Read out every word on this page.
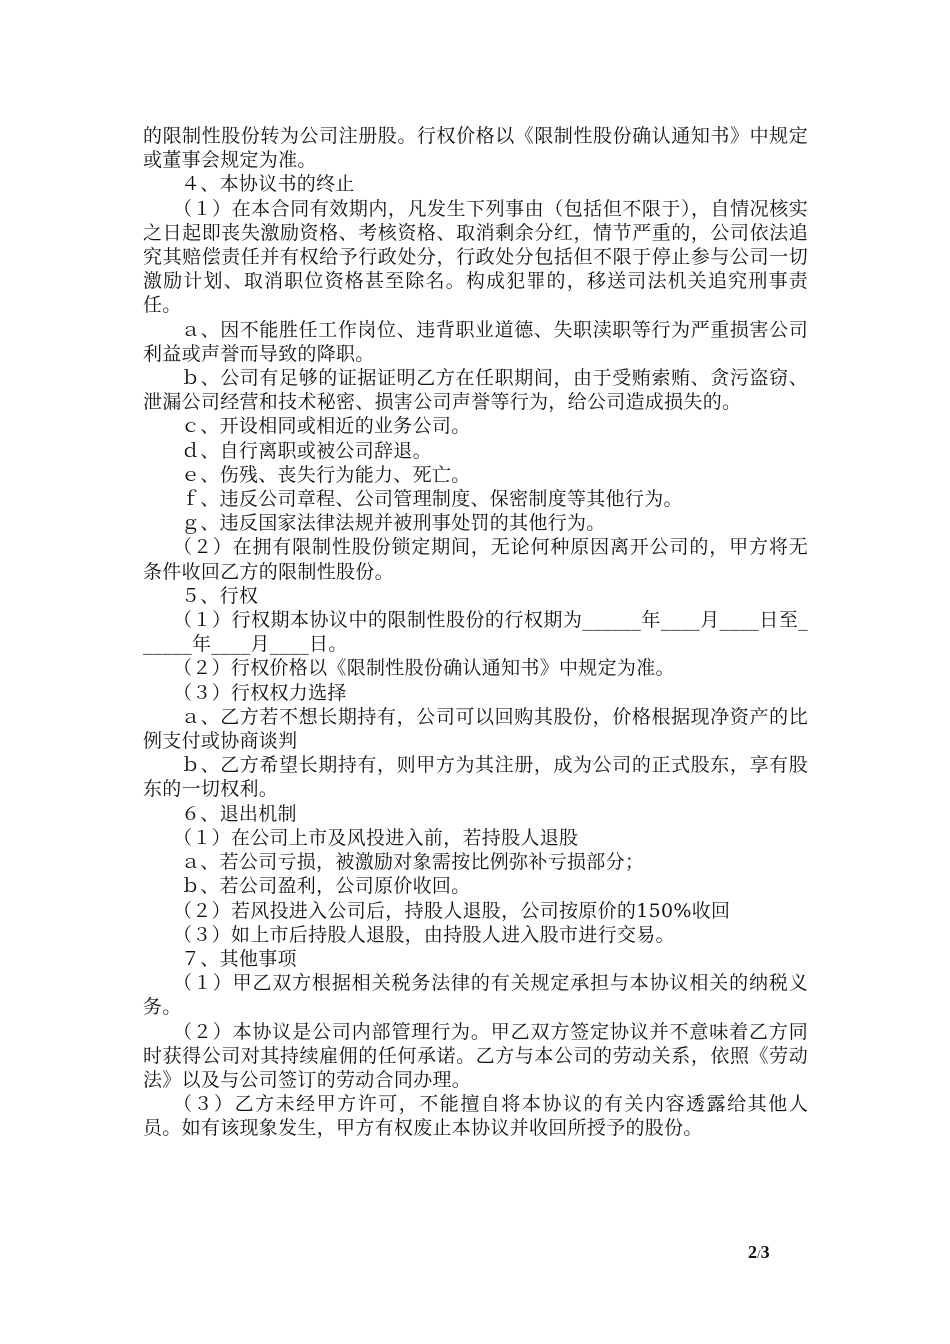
的限制性股份转为公司注册股。行权价格以《限制性股份确认通知书》中规定或董事会规定为准。

４、本协议书的终止

（１）在本合同有效期内，凡发生下列事由（包括但不限于），自情况核实之日起即丧失激励资格、考核资格、取消剩余分红，情节严重的，公司依法追究其赔偿责任并有权给予行政处分，行政处分包括但不限于停止参与公司一切激励计划、取消职位资格甚至除名。构成犯罪的，移送司法机关追究刑事责任。

ａ、因不能胜任工作岗位、违背职业道德、失职渎职等行为严重损害公司利益或声誉而导致的降职。

ｂ、公司有足够的证据证明乙方在任职期间，由于受贿索贿、贪污盗窃、泄漏公司经营和技术秘密、损害公司声誉等行为，给公司造成损失的。

ｃ、开设相同或相近的业务公司。

ｄ、自行离职或被公司辞退。

ｅ、伤残、丧失行为能力、死亡。

ｆ、违反公司章程、公司管理制度、保密制度等其他行为。

ｇ、违反国家法律法规并被刑事处罚的其他行为。

（２）在拥有限制性股份锁定期间，无论何种原因离开公司的，甲方将无条件收回乙方的限制性股份。

５、行权

（１）行权期本协议中的限制性股份的行权期为______年____月____日至______年____月____日。

（２）行权价格以《限制性股份确认通知书》中规定为准。

（３）行权权力选择

ａ、乙方若不想长期持有，公司可以回购其股份，价格根据现净资产的比例支付或协商谈判

ｂ、乙方希望长期持有，则甲方为其注册，成为公司的正式股东，享有股东的一切权利。

６、退出机制

（１）在公司上市及风投进入前，若持股人退股

ａ、若公司亏损，被激励对象需按比例弥补亏损部分；

ｂ、若公司盈利，公司原价收回。

（２）若风投进入公司后，持股人退股，公司按原价的150%收回

（３）如上市后持股人退股，由持股人进入股市进行交易。

７、其他事项

（１）甲乙双方根据相关税务法律的有关规定承担与本协议相关的纳税义务。

（２）本协议是公司内部管理行为。甲乙双方签定协议并不意味着乙方同时获得公司对其持续雇佣的任何承诺。乙方与本公司的劳动关系，依照《劳动法》以及与公司签订的劳动合同办理。

（３）乙方未经甲方许可，不能擅自将本协议的有关内容透露给其他人员。如有该现象发生，甲方有权废止本协议并收回所授予的股份。

2/3
